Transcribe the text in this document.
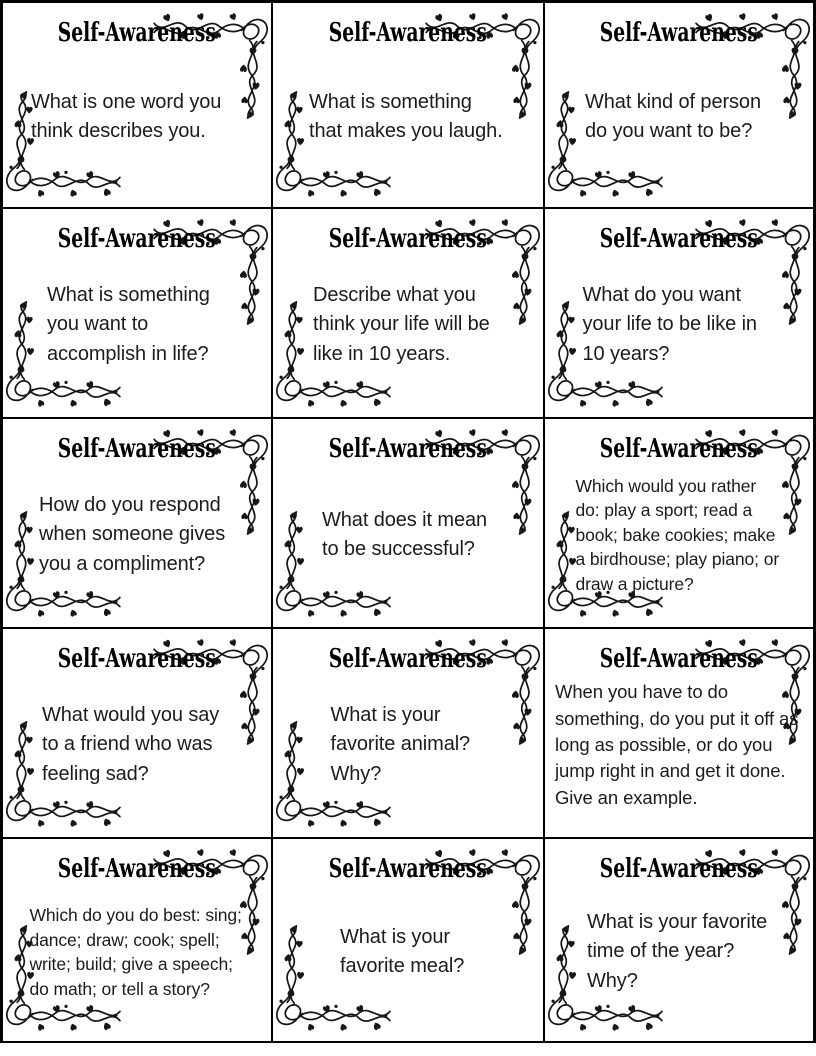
Self-Awareness
What is one word you think describes you.
Self-Awareness
What is something that makes you laugh.
Self-Awareness
What kind of person do you want to be?
Self-Awareness
What is something you want to accomplish in life?
Self-Awareness
Describe what you think your life will be like in 10 years.
Self-Awareness
What do you want your life to be like in 10 years?
Self-Awareness
How do you respond when someone gives you a compliment?
Self-Awareness
What does it mean to be successful?
Self-Awareness
Which would you rather do: play a sport; read a book; bake cookies; make a birdhouse; play piano; or draw a picture?
Self-Awareness
What would you say to a friend who was feeling sad?
Self-Awareness
What is your favorite animal? Why?
Self-Awareness
When you have to do something, do you put it off as long as possible, or do you jump right in and get it done. Give an example.
Self-Awareness
Which do you do best: sing; dance; draw; cook; spell; write; build; give a speech; do math; or tell a story?
Self-Awareness
What is your favorite meal?
Self-Awareness
What is your favorite time of the year? Why?
